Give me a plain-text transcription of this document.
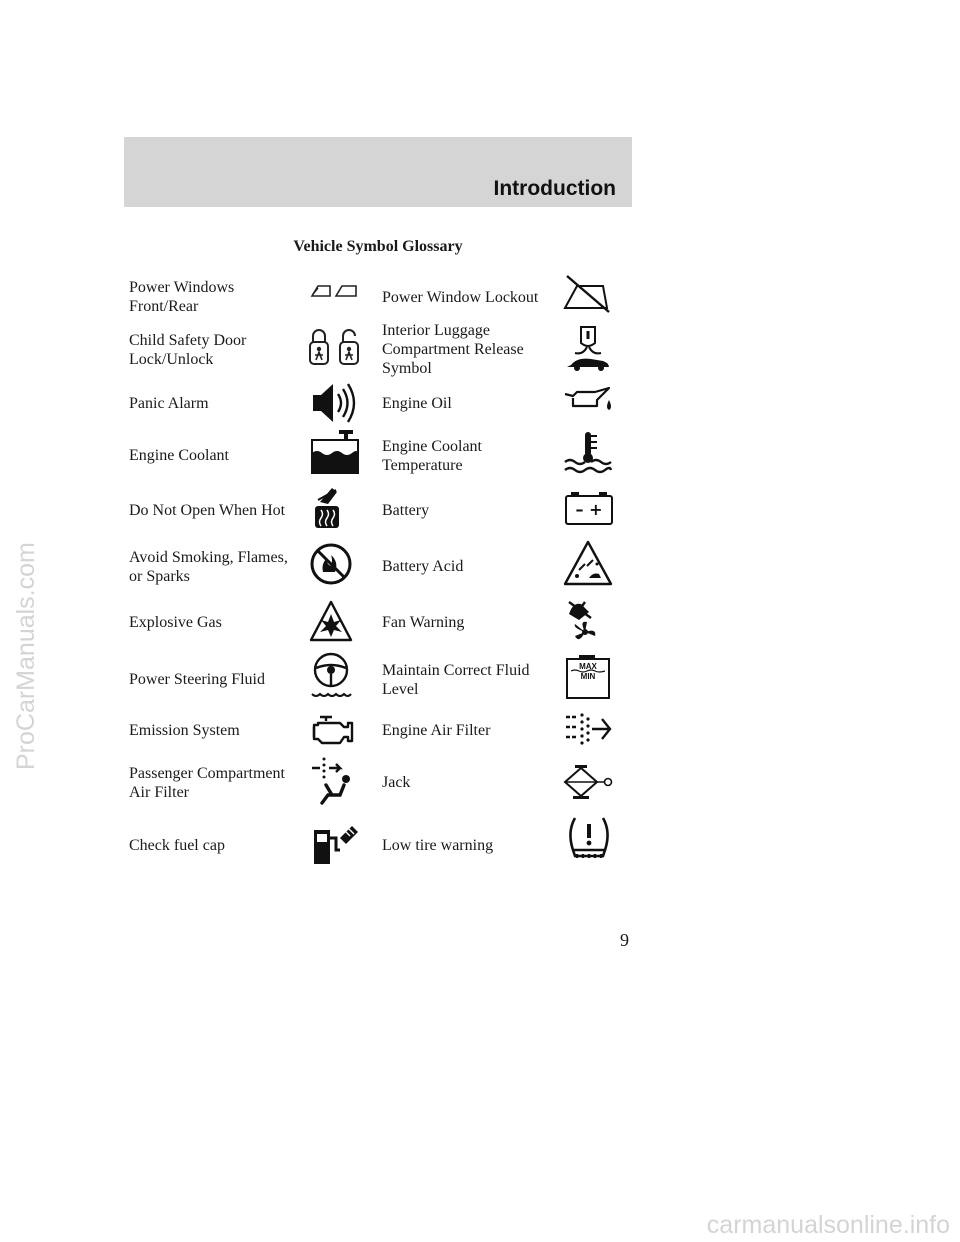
Introduction
Vehicle Symbol Glossary
Power Windows Front/Rear
Child Safety Door Lock/Unlock
Panic Alarm
Engine Coolant
Do Not Open When Hot
Avoid Smoking, Flames, or Sparks
Explosive Gas
Power Steering Fluid
Emission System
Passenger Compartment Air Filter
Check fuel cap
Power Window Lockout
Interior Luggage Compartment Release Symbol
Engine Oil
Engine Coolant Temperature
Battery
Battery Acid
Fan Warning
Maintain Correct Fluid Level
Engine Air Filter
Jack
Low tire warning
– +
MAX
MIN
9
ProCarManuals.com
carmanualsonline.info
